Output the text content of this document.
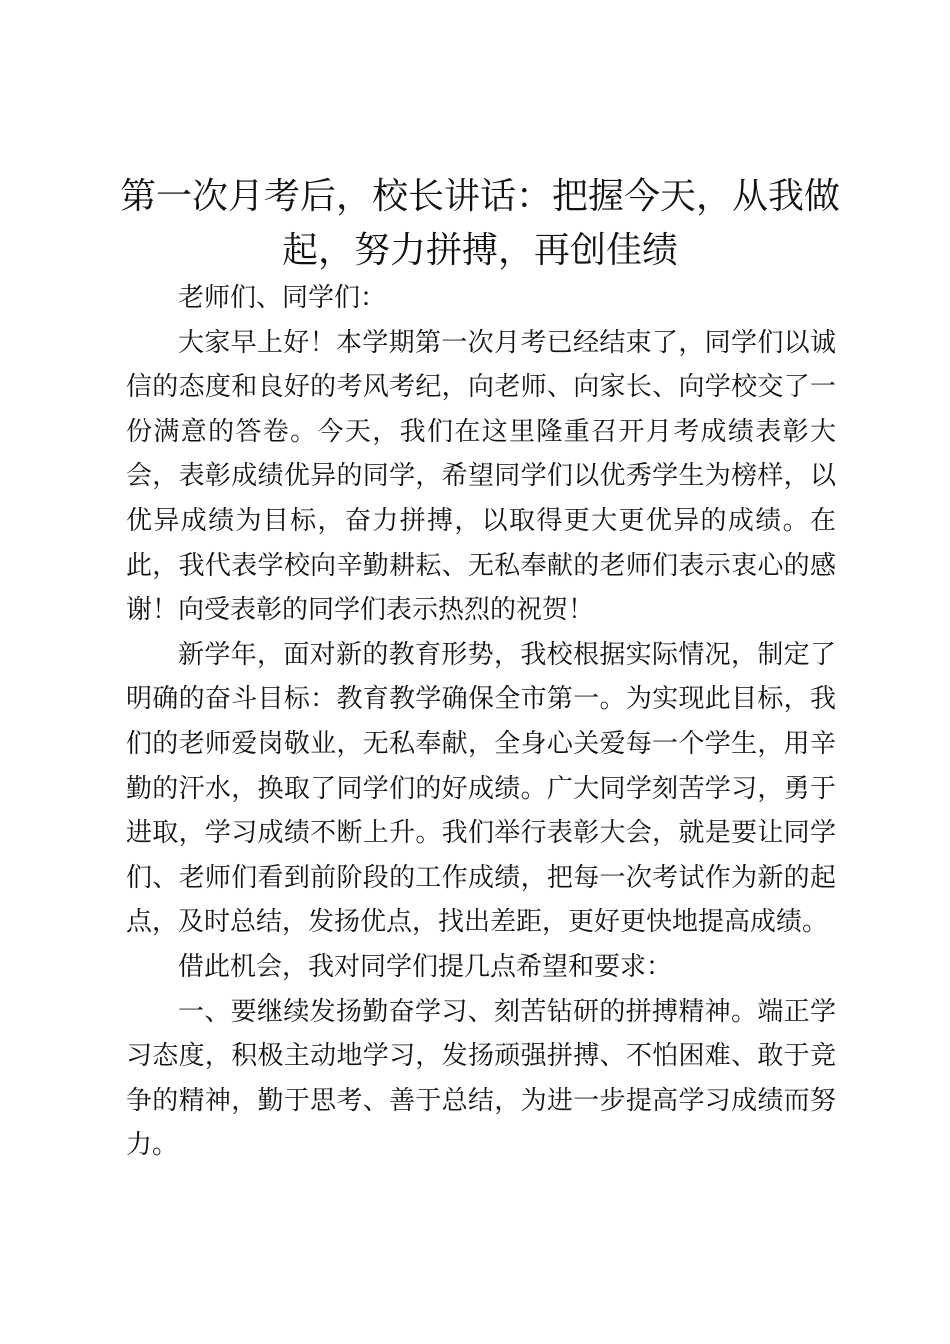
第一次月考后，校长讲话：把握今天，从我做起，努力拼搏，再创佳绩

老师们、同学们：

大家早上好！本学期第一次月考已经结束了，同学们以诚信的态度和良好的考风考纪，向老师、向家长、向学校交了一份满意的答卷。今天，我们在这里隆重召开月考成绩表彰大会，表彰成绩优异的同学，希望同学们以优秀学生为榜样，以优异成绩为目标，奋力拼搏，以取得更大更优异的成绩。在此，我代表学校向辛勤耕耘、无私奉献的老师们表示衷心的感谢！向受表彰的同学们表示热烈的祝贺！

新学年，面对新的教育形势，我校根据实际情况，制定了明确的奋斗目标：教育教学确保全市第一。为实现此目标，我们的老师爱岗敬业，无私奉献，全身心关爱每一个学生，用辛勤的汗水，换取了同学们的好成绩。广大同学刻苦学习，勇于进取，学习成绩不断上升。我们举行表彰大会，就是要让同学们、老师们看到前阶段的工作成绩，把每一次考试作为新的起点，及时总结，发扬优点，找出差距，更好更快地提高成绩。

借此机会，我对同学们提几点希望和要求：

一、要继续发扬勤奋学习、刻苦钻研的拼搏精神。端正学习态度，积极主动地学习，发扬顽强拼搏、不怕困难、敢于竞争的精神，勤于思考、善于总结，为进一步提高学习成绩而努力。
